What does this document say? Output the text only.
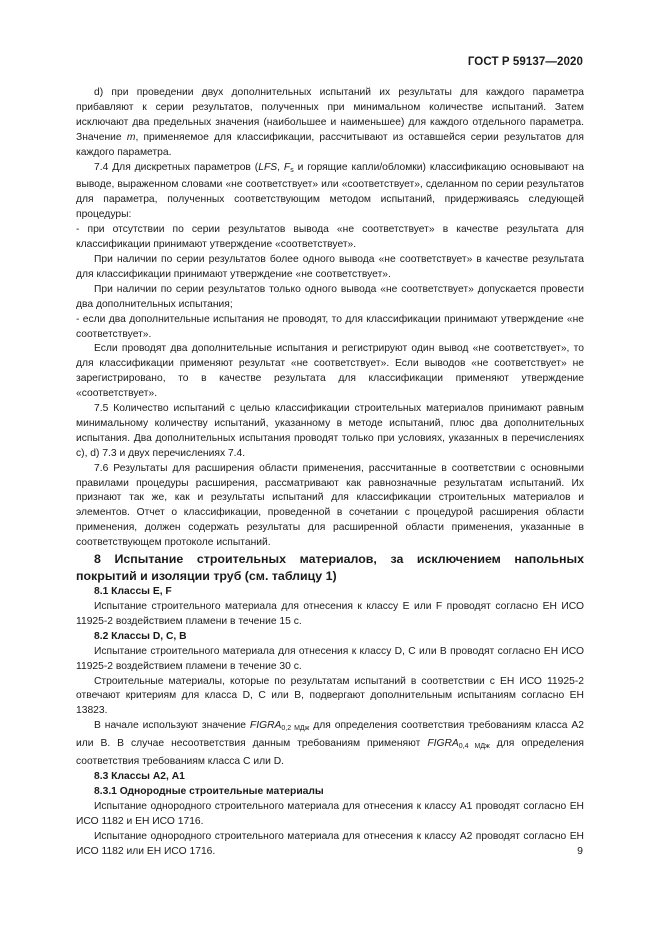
ГОСТ Р 59137—2020

d) при проведении двух дополнительных испытаний их результаты для каждого параметра прибавляют к серии результатов, полученных при минимальном количестве испытаний. Затем исключают два предельных значения (наибольшее и наименьшее) для каждого отдельного параметра. Значение m, применяемое для классификации, рассчитывают из оставшейся серии результатов для каждого параметра.

7.4 Для дискретных параметров (LFS, $F_s$ и горящие капли/обломки) классификацию основывают на выводе, выраженном словами «не соответствует» или «соответствует», сделанном по серии результатов для параметра, полученных соответствующим методом испытаний, придерживаясь следующей процедуры:

- при отсутствии по серии результатов вывода «не соответствует» в качестве результата для классификации принимают утверждение «соответствует».

При наличии по серии результатов более одного вывода «не соответствует» в качестве результата для классификации принимают утверждение «не соответствует».

При наличии по серии результатов только одного вывода «не соответствует» допускается провести два дополнительных испытания;

- если два дополнительные испытания не проводят, то для классификации принимают утверждение «не соответствует».

Если проводят два дополнительные испытания и регистрируют один вывод «не соответствует», то для классификации применяют результат «не соответствует». Если выводов «не соответствует» не зарегистрировано, то в качестве результата для классификации применяют утверждение «соответствует».

7.5 Количество испытаний с целью классификации строительных материалов принимают равным минимальному количеству испытаний, указанному в методе испытаний, плюс два дополнительных испытания. Два дополнительных испытания проводят только при условиях, указанных в перечислениях с), d) 7.3 и двух перечислениях 7.4.

7.6 Результаты для расширения области применения, рассчитанные в соответствии с основными правилами процедуры расширения, рассматривают как равнозначные результатам испытаний. Их признают так же, как и результаты испытаний для классификации строительных материалов и элементов. Отчет о классификации, проведенной в сочетании с процедурой расширения области применения, должен содержать результаты для расширенной области применения, указанные в соответствующем протоколе испытаний.

8 Испытание строительных материалов, за исключением напольных покрытий и изоляции труб (см. таблицу 1)

8.1 Классы E, F

Испытание строительного материала для отнесения к классу E или F проводят согласно ЕН ИСО 11925-2 воздействием пламени в течение 15 с.

8.2 Классы D, C, B

Испытание строительного материала для отнесения к классу D, C или B проводят согласно ЕН ИСО 11925-2 воздействием пламени в течение 30 с.

Строительные материалы, которые по результатам испытаний в соответствии с ЕН ИСО 11925-2 отвечают критериям для класса D, C или B, подвергают дополнительным испытаниям согласно ЕН 13823.

В начале используют значение $FIGRA_{0,2 МДж}$ для определения соответствия требованиям класса A2 или B. В случае несоответствия данным требованиям применяют $FIGRA_{0,4 МДж}$ для определения соответствия требованиям класса C или D.

8.3 Классы А2, А1

8.3.1 Однородные строительные материалы

Испытание однородного строительного материала для отнесения к классу A1 проводят согласно ЕН ИСО 1182 и ЕН ИСО 1716.

Испытание однородного строительного материала для отнесения к классу A2 проводят согласно ЕН ИСО 1182 или ЕН ИСО 1716.	9
